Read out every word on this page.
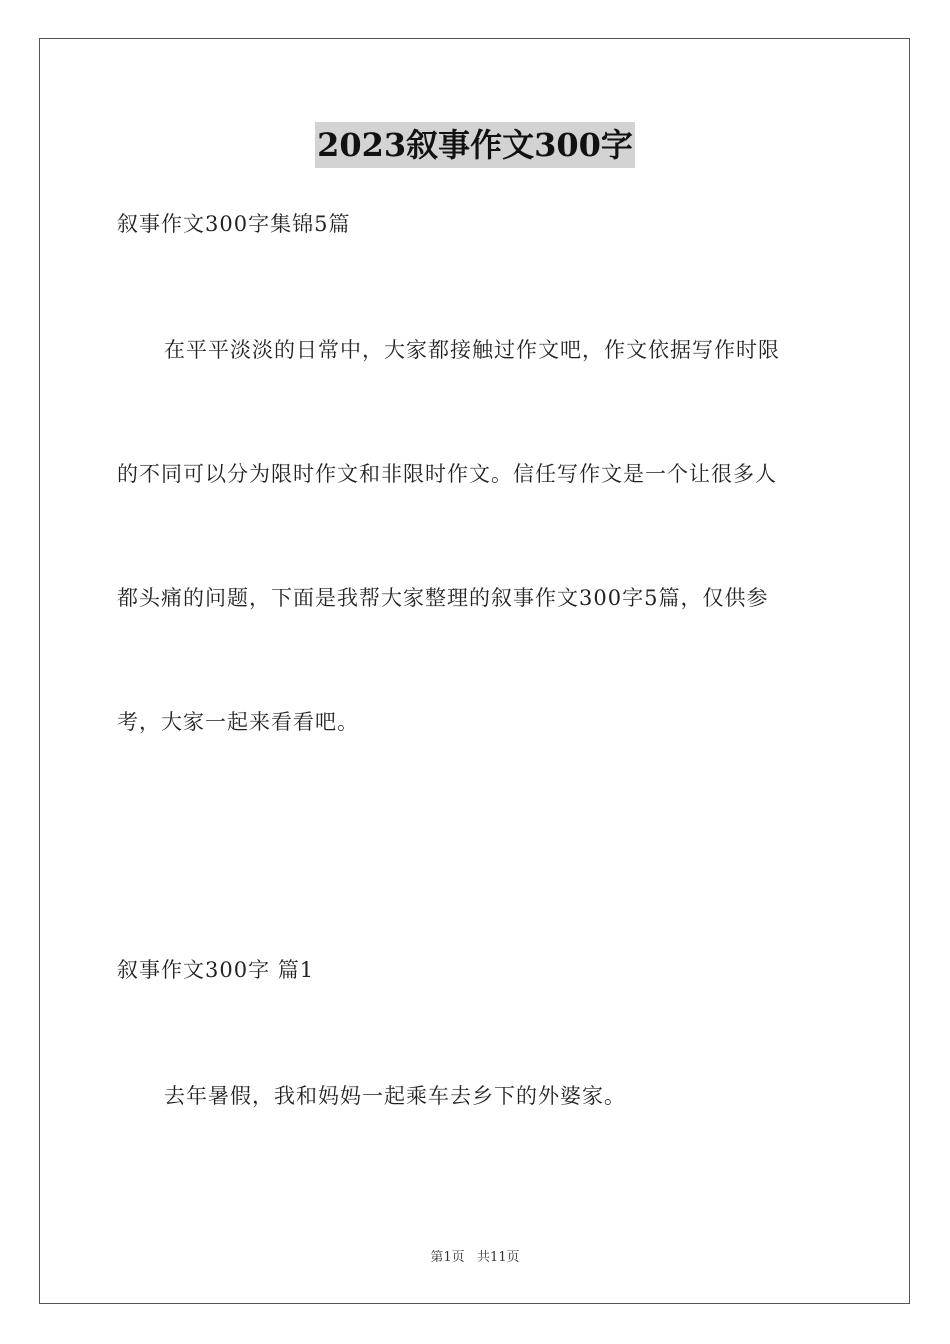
2023叙事作文300字
叙事作文300字集锦5篇
在平平淡淡的日常中，大家都接触过作文吧，作文依据写作时限
的不同可以分为限时作文和非限时作文。信任写作文是一个让很多人
都头痛的问题，下面是我帮大家整理的叙事作文300字5篇，仅供参
考，大家一起来看看吧。
叙事作文300字 篇1
去年暑假，我和妈妈一起乘车去乡下的外婆家。
第1页   共11页
